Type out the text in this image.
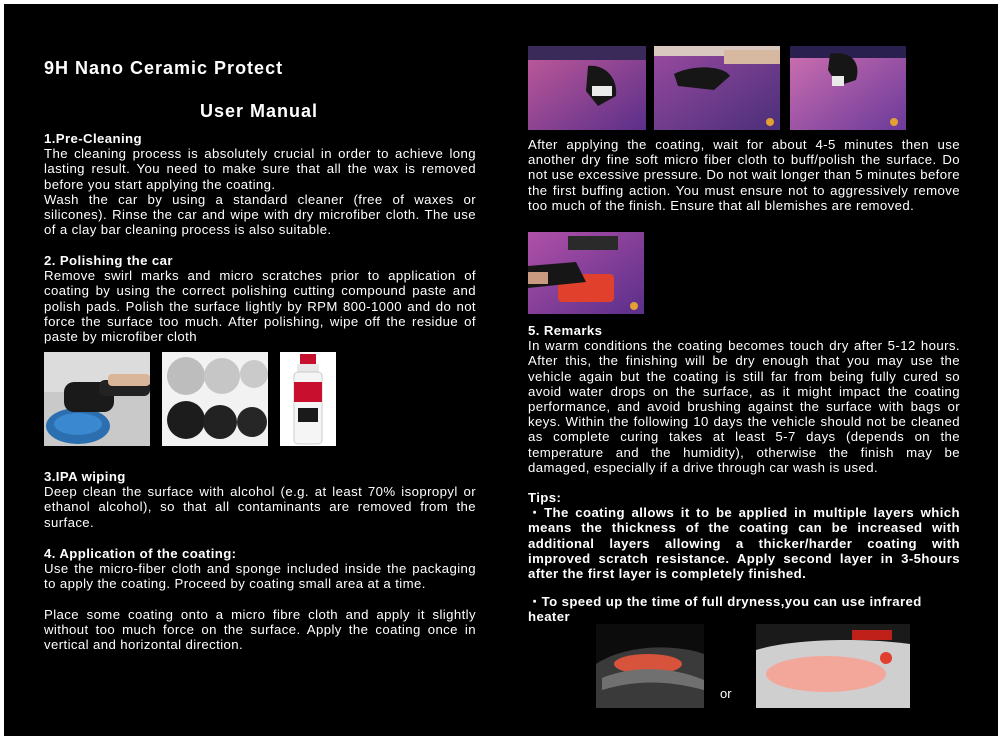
9H Nano Ceramic Protect
User Manual
1.Pre-Cleaning

The cleaning process is absolutely crucial in order to achieve long lasting result. You need to make sure that all the wax is removed before you start applying the coating.

Wash the car by using a standard cleaner (free of waxes or silicones). Rinse the car and wipe with dry microfiber cloth. The use of a clay bar cleaning process is also suitable.

2. Polishing the car

Remove swirl marks and micro scratches prior to application of coating by using the correct polishing cutting compound paste and polish pads. Polish the surface lightly by RPM 800-1000 and do not force the surface too much. After polishing, wipe off the residue of paste by microfiber cloth

3.IPA wiping

Deep clean the surface with alcohol (e.g. at least 70% isopropyl or ethanol alcohol), so that all contaminants are removed from the surface.

4. Application of the coating:

Use the micro-fiber cloth and sponge included inside the packaging to apply the coating. Proceed by coating small area at a time.

Place some coating onto a micro fibre cloth and apply it slightly without too much force on the surface. Apply the coating once in vertical and horizontal direction.

After applying the coating, wait for about 4-5 minutes then use another dry fine soft micro fiber cloth to buff/polish the surface. Do not use excessive pressure. Do not wait longer than 5 minutes before the first buffing action. You must ensure not to aggressively remove too much of the finish. Ensure that all blemishes are removed.

5. Remarks

In warm conditions the coating becomes touch dry after 5-12 hours. After this, the finishing will be dry enough that you may use the vehicle again but the coating is still far from being fully cured so avoid water drops on the surface, as it might impact the coating performance, and avoid brushing against the surface with bags or keys. Within the following 10 days the vehicle should not be cleaned as complete curing takes at least 5-7 days (depends on the temperature and the humidity), otherwise the finish may be damaged, especially if a drive through car wash is used.

Tips:

・The coating allows it to be applied in multiple layers which means the thickness of the coating can be increased with additional layers allowing a thicker/harder coating with improved scratch resistance. Apply second layer in 3-5hours after the first layer is completely finished.

・To speed up the time of full dryness,you can use infrared heater

or
